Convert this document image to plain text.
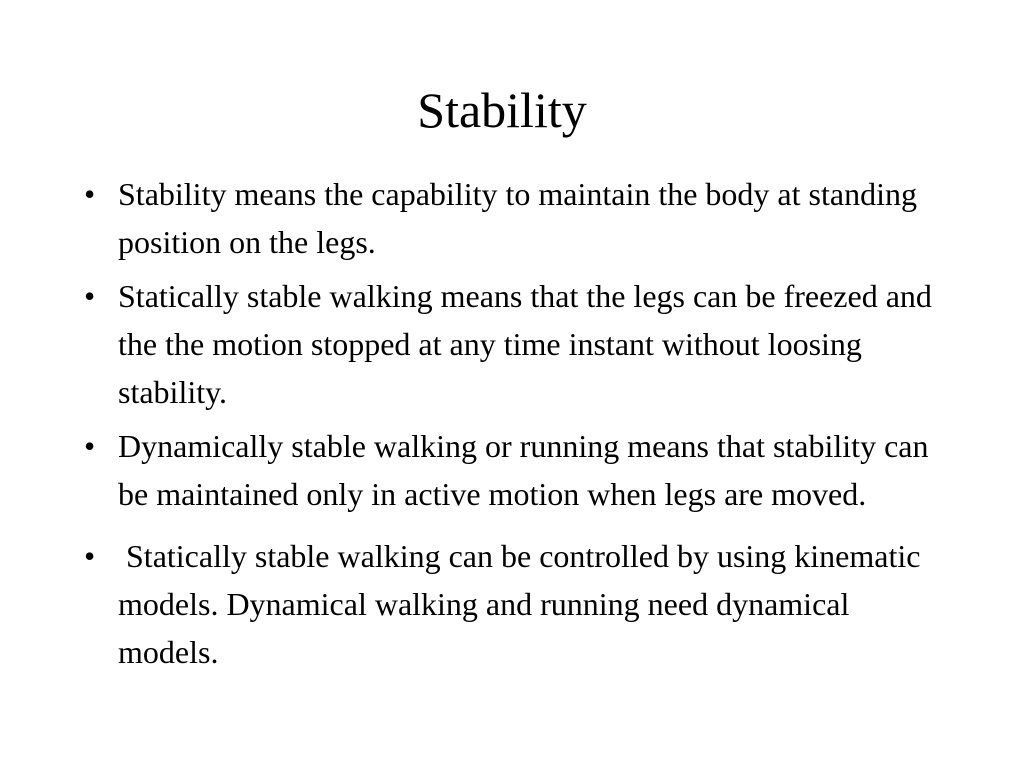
Stability
• Stability means the capability to maintain the body at standing position on the legs.
• Statically stable walking means that the legs can be freezed and the the motion stopped at any time instant without loosing stability.
• Dynamically stable walking or running means that stability can be maintained only in active motion when legs are moved.
• Statically stable walking can be controlled by using kinematic models. Dynamical walking and running need dynamical models.
